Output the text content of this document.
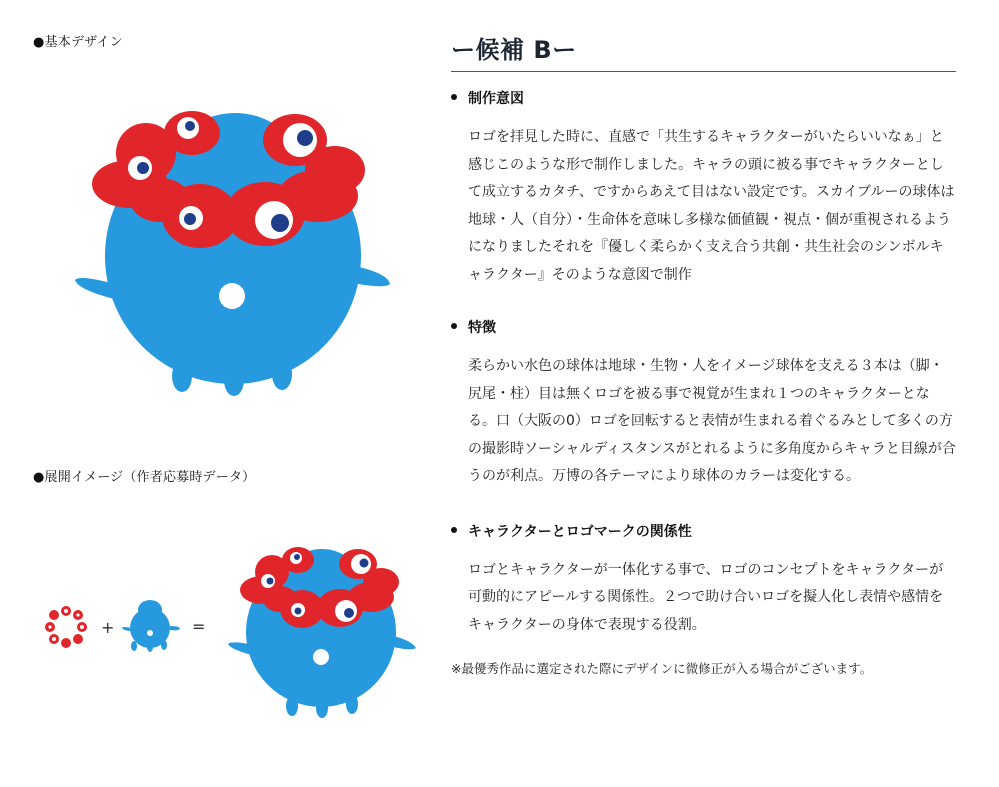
●基本デザイン
●展開イメージ（作者応募時データ）
+	=
ー候補 Bー
制作意図

ロゴを拝見した時に、直感で「共生するキャラクターがいたらいいなぁ」と感じこのような形で制作しました。キャラの頭に被る事でキャラクターとして成立するカタチ、ですからあえて目はない設定です。スカイブルーの球体は地球・人（自分）・生命体を意味し多様な価値観・視点・個が重視されるようになりましたそれを『優しく柔らかく支え合う共創・共生社会のシンボルキャラクター』そのような意図で制作

特徴

柔らかい水色の球体は地球・生物・人をイメージ球体を支える３本は（脚・尻尾・柱）目は無くロゴを被る事で視覚が生まれ１つのキャラクターとなる。口（大阪の0）ロゴを回転すると表情が生まれる着ぐるみとして多くの方の撮影時ソーシャルディスタンスがとれるように多角度からキャラと目線が合うのが利点。万博の各テーマにより球体のカラーは変化する。

キャラクターとロゴマークの関係性

ロゴとキャラクターが一体化する事で、ロゴのコンセプトをキャラクターが可動的にアピールする関係性。２つで助け合いロゴを擬人化し表情や感情をキャラクターの身体で表現する役割。

※最優秀作品に選定された際にデザインに微修正が入る場合がございます。
